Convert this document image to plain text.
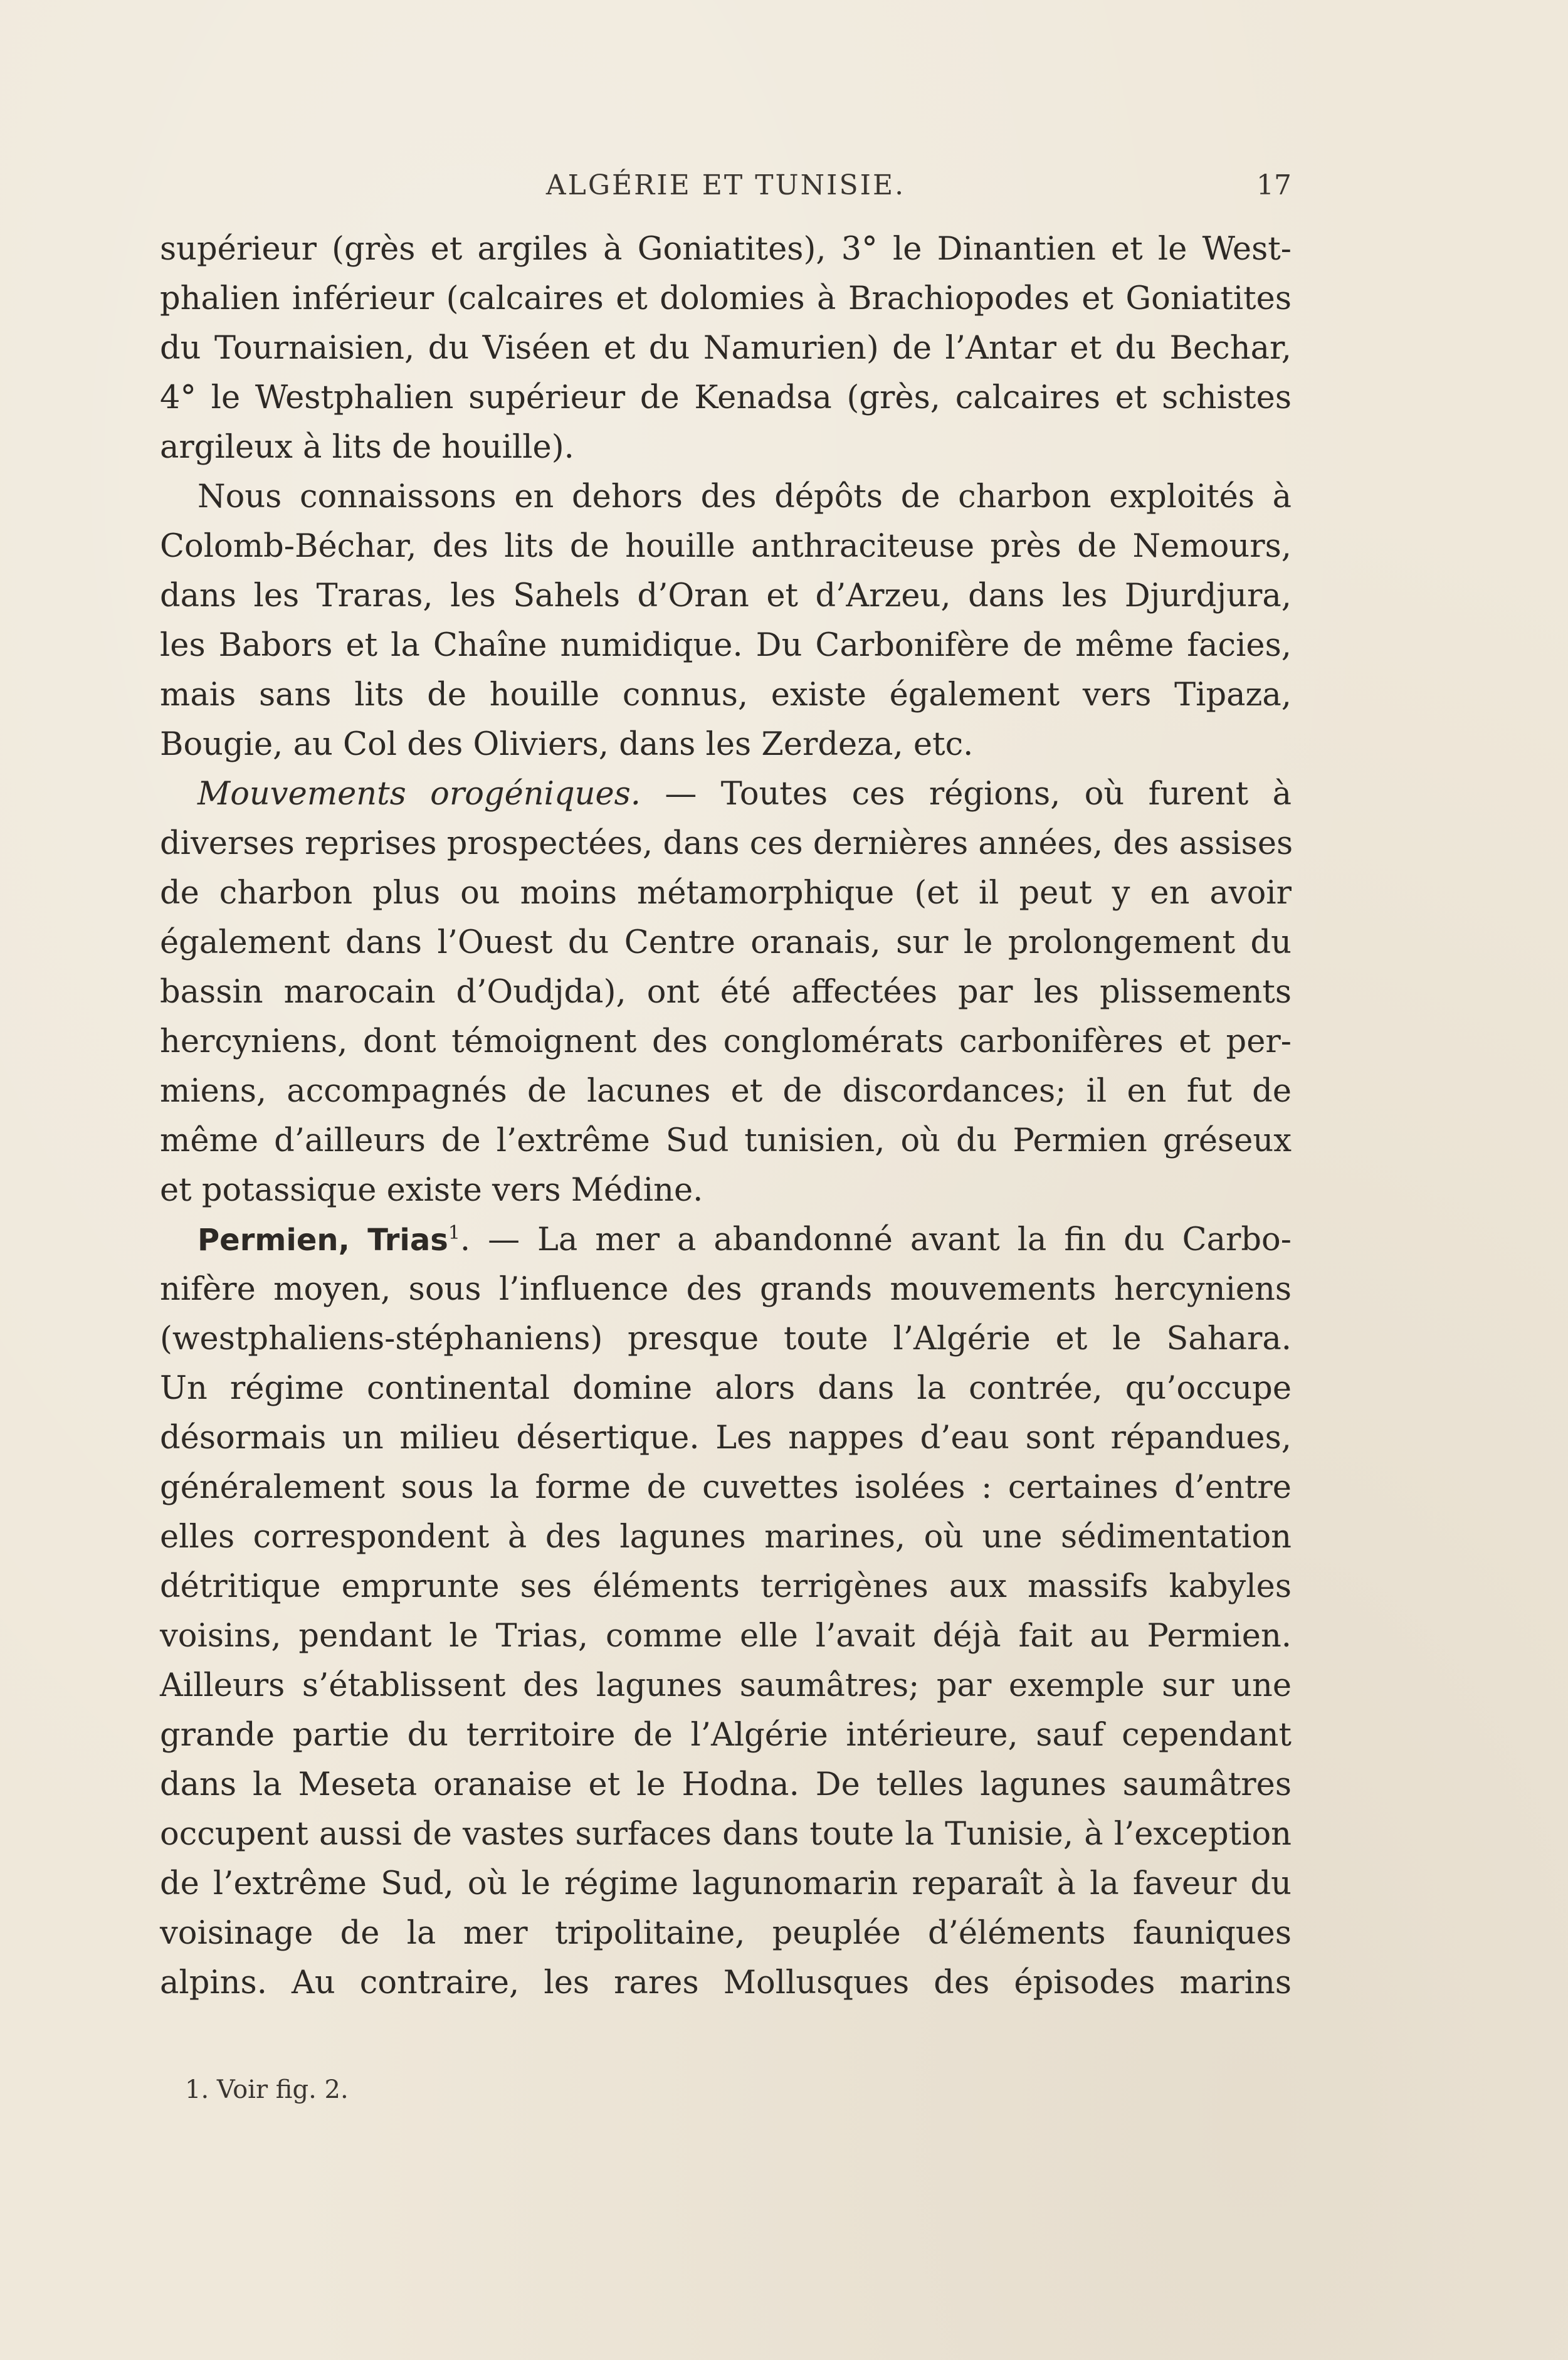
ALGÉRIE ET TUNISIE.	17
supérieur (grès et argiles à Goniatites), 3° le Dinantien et le West-
phalien inférieur (calcaires et dolomies à Brachiopodes et Goniatites
du Tournaisien, du Viséen et du Namurien) de l’Antar et du Bechar,
4° le Westphalien supérieur de Kenadsa (grès, calcaires et schistes
argileux à lits de houille).
Nous connaissons en dehors des dépôts de charbon exploités à
Colomb-Béchar, des lits de houille anthraciteuse près de Nemours,
dans les Traras, les Sahels d’Oran et d’Arzeu, dans les Djurdjura,
les Babors et la Chaîne numidique. Du Carbonifère de même facies,
mais sans lits de houille connus, existe également vers Tipaza,
Bougie, au Col des Oliviers, dans les Zerdeza, etc.
Mouvements orogéniques. — Toutes ces régions, où furent à
diverses reprises prospectées, dans ces dernières années, des assises
de charbon plus ou moins métamorphique (et il peut y en avoir
également dans l’Ouest du Centre oranais, sur le prolongement du
bassin marocain d’Oudjda), ont été affectées par les plissements
hercyniens, dont témoignent des conglomérats carbonifères et per-
miens, accompagnés de lacunes et de discordances; il en fut de
même d’ailleurs de l’extrême Sud tunisien, où du Permien gréseux
et potassique existe vers Médine.
Permien, Trias$^1$. — La mer a abandonné avant la fin du Carbo-
nifère moyen, sous l’influence des grands mouvements hercyniens
(westphaliens-stéphaniens) presque toute l’Algérie et le Sahara.
Un régime continental domine alors dans la contrée, qu’occupe
désormais un milieu désertique. Les nappes d’eau sont répandues,
généralement sous la forme de cuvettes isolées : certaines d’entre
elles correspondent à des lagunes marines, où une sédimentation
détritique emprunte ses éléments terrigènes aux massifs kabyles
voisins, pendant le Trias, comme elle l’avait déjà fait au Permien.
Ailleurs s’établissent des lagunes saumâtres; par exemple sur une
grande partie du territoire de l’Algérie intérieure, sauf cependant
dans la Meseta oranaise et le Hodna. De telles lagunes saumâtres
occupent aussi de vastes surfaces dans toute la Tunisie, à l’exception
de l’extrême Sud, où le régime lagunomarin reparaît à la faveur du
voisinage de la mer tripolitaine, peuplée d’éléments fauniques
alpins. Au contraire, les rares Mollusques des épisodes marins
1. Voir fig. 2.
